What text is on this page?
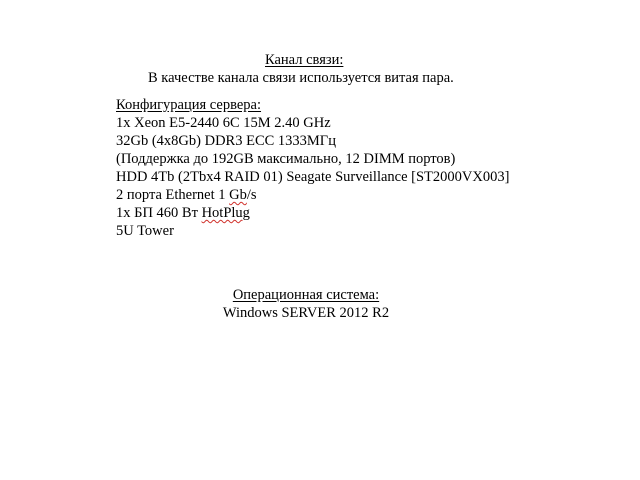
Канал связи:
В качестве канала связи используется витая пара.
Конфигурация сервера:
1x Xeon E5-2440 6C 15M 2.40 GHz
32Gb (4x8Gb) DDR3 ECC 1333МГц
(Поддержка до 192GB максимально, 12 DIMM портов)
HDD 4Tb (2Tbx4 RAID 01) Seagate Surveillance [ST2000VX003]
2 порта Ethernet 1 Gb/s
1x БП 460 Вт HotPlug
5U Tower
Операционная система:
Windows SERVER 2012 R2
